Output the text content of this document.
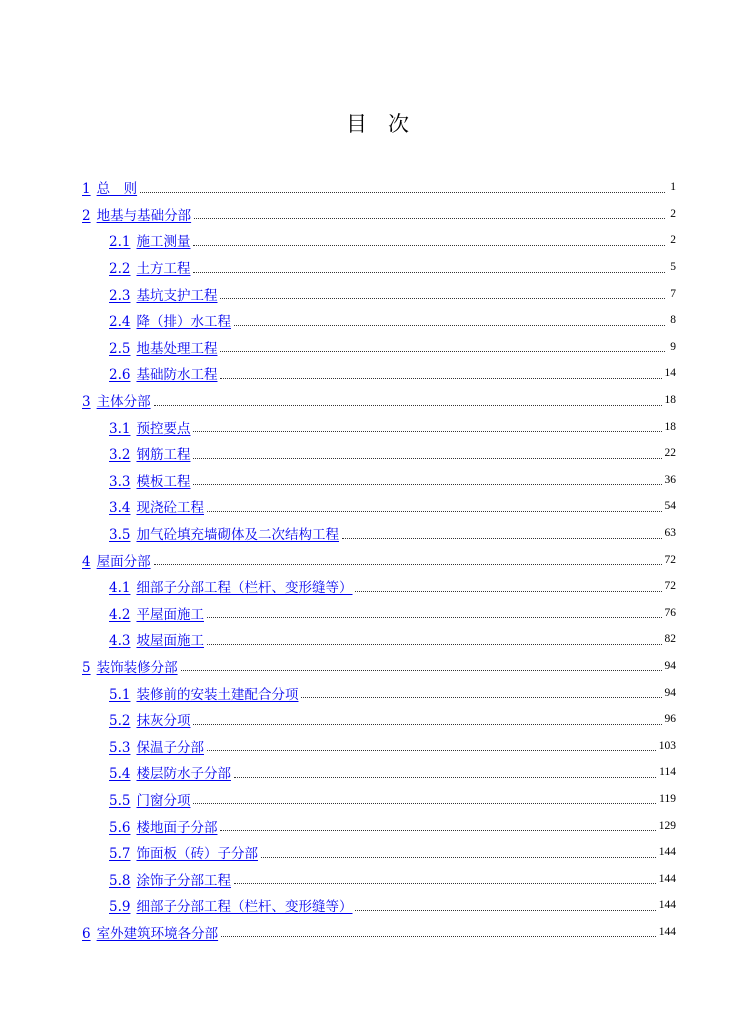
目　次
1 总　则	1
2 地基与基础分部	2
2.1 施工测量	2
2.2 土方工程	5
2.3 基坑支护工程	7
2.4 降（排）水工程	8
2.5 地基处理工程	9
2.6 基础防水工程	14
3 主体分部	18
3.1 预控要点	18
3.2 钢筋工程	22
3.3 模板工程	36
3.4 现浇砼工程	54
3.5 加气砼填充墙砌体及二次结构工程	63
4 屋面分部	72
4.1 细部子分部工程（栏杆、变形缝等）	72
4.2 平屋面施工	76
4.3 坡屋面施工	82
5 装饰装修分部	94
5.1 装修前的安装土建配合分项	94
5.2 抹灰分项	96
5.3 保温子分部	103
5.4 楼层防水子分部	114
5.5 门窗分项	119
5.6 楼地面子分部	129
5.7 饰面板（砖）子分部	144
5.8 涂饰子分部工程	144
5.9 细部子分部工程（栏杆、变形缝等）	144
6 室外建筑环境各分部	144
